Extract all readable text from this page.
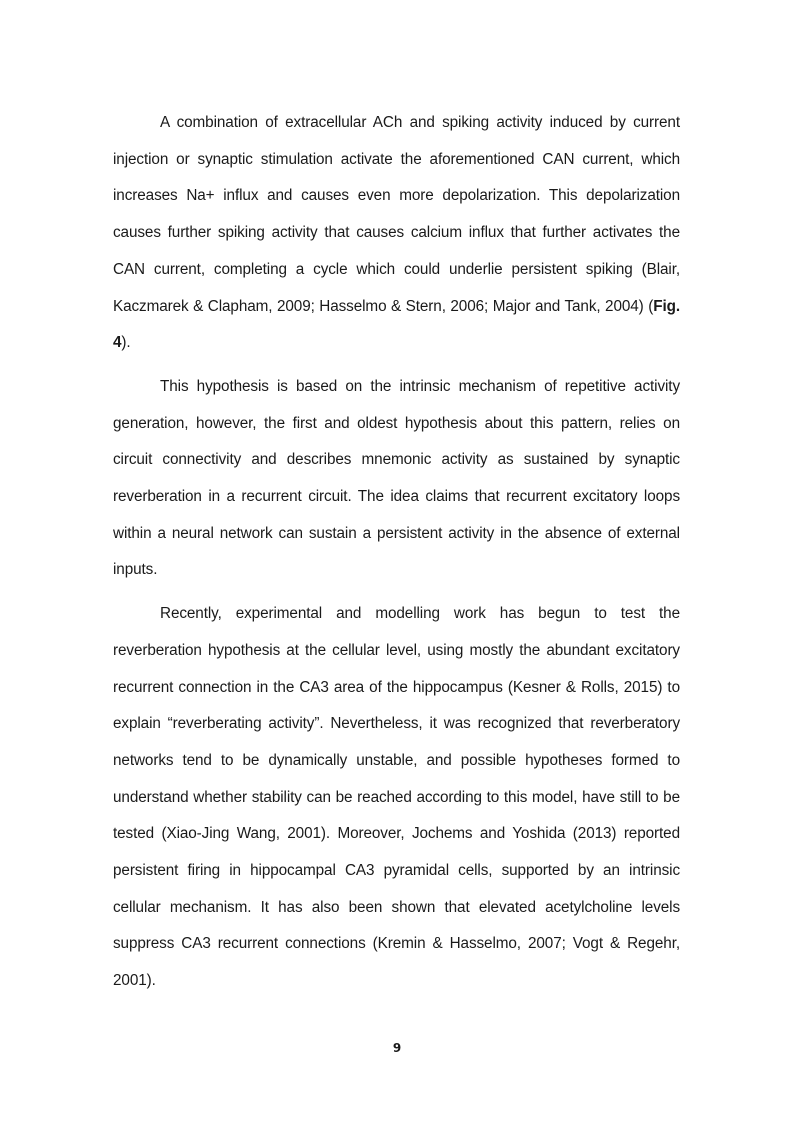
A combination of extracellular ACh and spiking activity induced by current injection or synaptic stimulation activate the aforementioned CAN current, which increases Na+ influx and causes even more depolarization. This depolarization causes further spiking activity that causes calcium influx that further activates the CAN current, completing a cycle which could underlie persistent spiking (Blair, Kaczmarek & Clapham, 2009; Hasselmo & Stern, 2006; Major and Tank, 2004) (Fig. 4).

This hypothesis is based on the intrinsic mechanism of repetitive activity generation, however, the first and oldest hypothesis about this pattern, relies on circuit connectivity and describes mnemonic activity as sustained by synaptic reverberation in a recurrent circuit. The idea claims that recurrent excitatory loops within a neural network can sustain a persistent activity in the absence of external inputs.

Recently, experimental and modelling work has begun to test the reverberation hypothesis at the cellular level, using mostly the abundant excitatory recurrent connection in the CA3 area of the hippocampus (Kesner & Rolls, 2015) to explain “reverberating activity”. Nevertheless, it was recognized that reverberatory networks tend to be dynamically unstable, and possible hypotheses formed to understand whether stability can be reached according to this model, have still to be tested (Xiao-Jing Wang, 2001). Moreover, Jochems and Yoshida (2013) reported persistent firing in hippocampal CA3 pyramidal cells, supported by an intrinsic cellular mechanism. It has also been shown that elevated acetylcholine levels suppress CA3 recurrent connections (Kremin & Hasselmo, 2007; Vogt & Regehr, 2001).

9
